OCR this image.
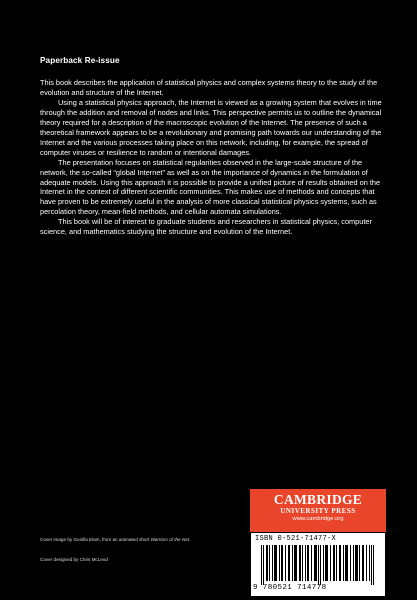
Paperback Re-issue

This book describes the application of statistical physics and complex systems theory to the study of the evolution and structure of the Internet.

Using a statistical physics approach, the Internet is viewed as a growing system that evolves in time through the addition and removal of nodes and links. This perspective permits us to outline the dynamical theory required for a description of the macroscopic evolution of the Internet. The presence of such a theoretical framework appears to be a revolutionary and promising path towards our understanding of the Internet and the various processes taking place on this network, including, for example, the spread of computer viruses or resilience to random or intentional damages.

The presentation focuses on statistical regularities observed in the large-scale structure of the network, the so-called “global Internet” as well as on the importance of dynamics in the formulation of adequate models. Using this approach it is possible to provide a unified picture of results obtained on the Internet in the context of different scientific communities. This makes use of methods and concepts that have proven to be extremely useful in the analysis of more classical statistical physics systems, such as percolation theory, mean-field methods, and cellular automata simulations.

This book will be of interest to graduate students and researchers in statistical physics, computer science, and mathematics studying the structure and evolution of the Internet.

Cover image by Gunilla Elam, from an animated short Warriors of the Net.
Cover designed by Chris McLeod
CAMBRIDGE
UNIVERSITY PRESS
www.cambridge.org
ISBN 0-521-71477-X
9 780521 714778
